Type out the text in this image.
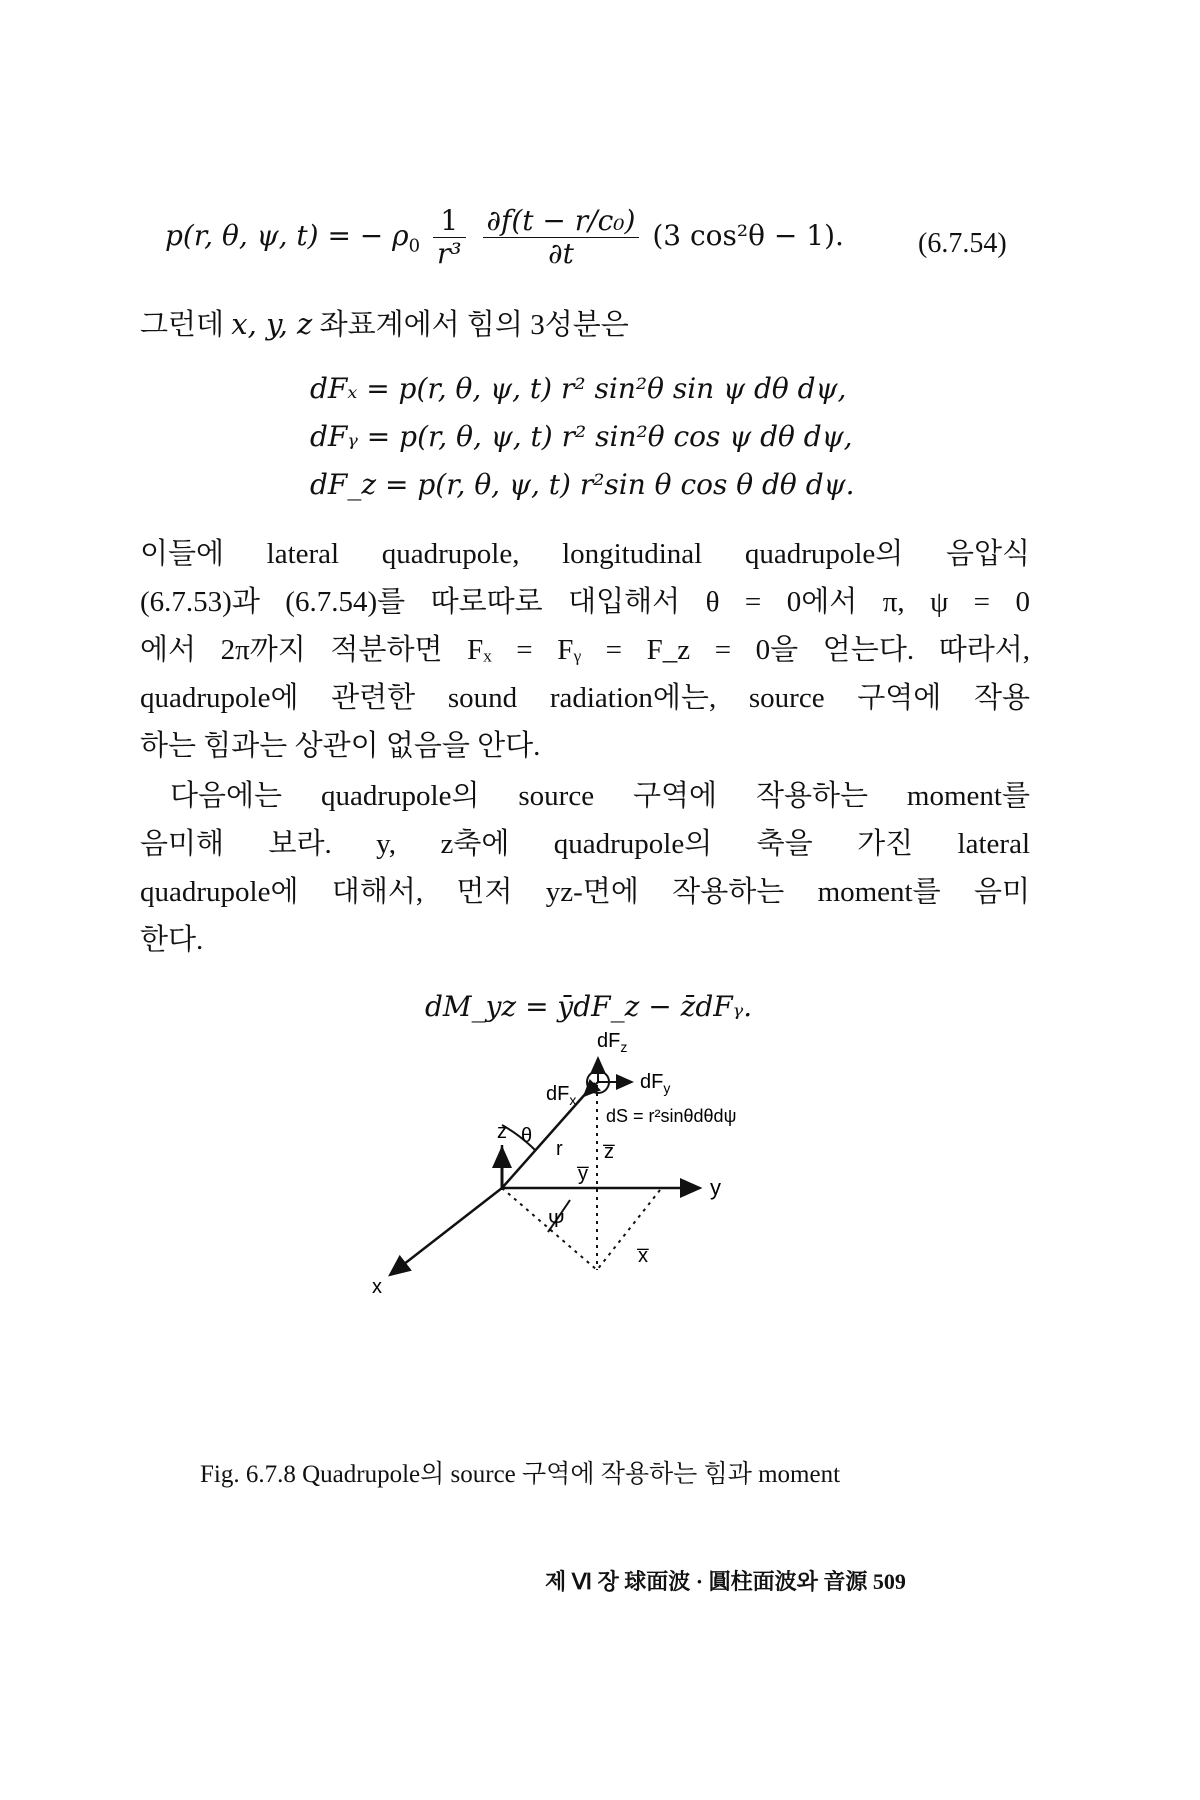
p(r, θ, ψ, t) = − $\rho_0 \frac{1}{\text{r³}}$
$\frac{\text{∂f(t − r/c₀)}}{\partial t} (3$ cos²θ − 1).	(6.7.54)
그런데 x, y, z 좌표계에서 힘의 3성분은
dFₓ = p(r, θ, ψ, t) r² sin²θ sin ψ dθ dψ,
dFᵧ = p(r, θ, ψ, t) r² sin²θ cos ψ dθ dψ,
dF_z = p(r, θ, ψ, t) r²sin θ cos θ dθ dψ.
이들에 lateral quadrupole, longitudinal quadrupole의 음압식
(6.7.53)과 (6.7.54)를 따로따로 대입해서 θ = 0에서 π, ψ = 0
에서 2π까지 적분하면 Fₓ = Fᵧ = F_z = 0을 얻는다. 따라서,
quadrupole에 관련한 sound radiation에는, source 구역에 작용
하는 힘과는 상관이 없음을 안다.
다음에는 quadrupole의 source 구역에 작용하는 moment를
음미해 보라. y, z축에 quadrupole의 축을 가진 lateral
quadrupole에 대해서, 먼저 yz-면에 작용하는 moment를 음미
한다.
dM_yz = ȳdF_z − z̄dFᵧ.
z
y
x
$dF_z$
$dF_y$
$dF_x$
θ
r
Ψ
y̅
z̅
x̅
dS = r²sinθdθdψ
Fig. 6.7.8 Quadrupole의 source 구역에 작용하는 힘과 moment
제 Ⅵ 장 球面波 · 圓柱面波와 音源 509
